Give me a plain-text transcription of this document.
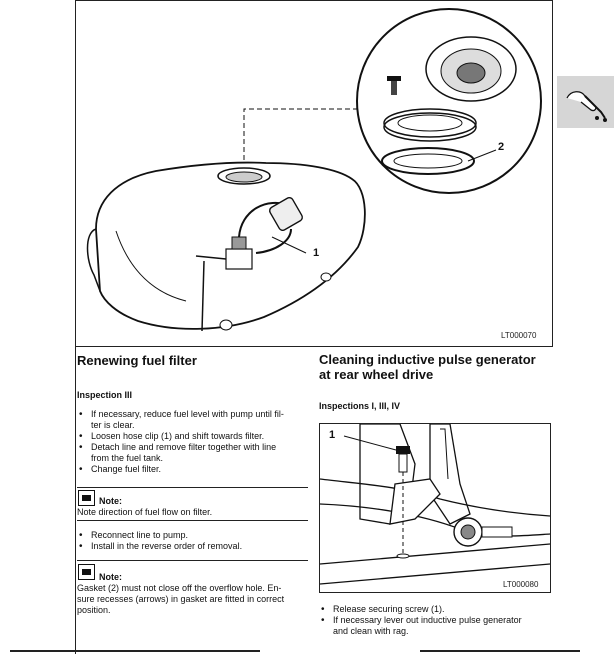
1
2
LT000070
Renewing fuel filter
Inspection III
• If necessary, reduce fuel level with pump until fil-
ter is clear.
• Loosen hose clip (1) and shift towards filter.
• Detach line and remove filter together with line
from the fuel tank.
• Change fuel filter.
Note:
Note direction of fuel flow on filter.
• Reconnect line to pump.
• Install in the reverse order of removal.
Note:
Gasket (2) must not close off the overflow hole. En-
sure recesses (arrows) in gasket are fitted in correct
position.
Cleaning inductive pulse generator
at rear wheel drive
Inspections I, III, IV
1
LT000080
• Release securing screw (1).
• If necessary lever out inductive pulse generator
and clean with rag.
